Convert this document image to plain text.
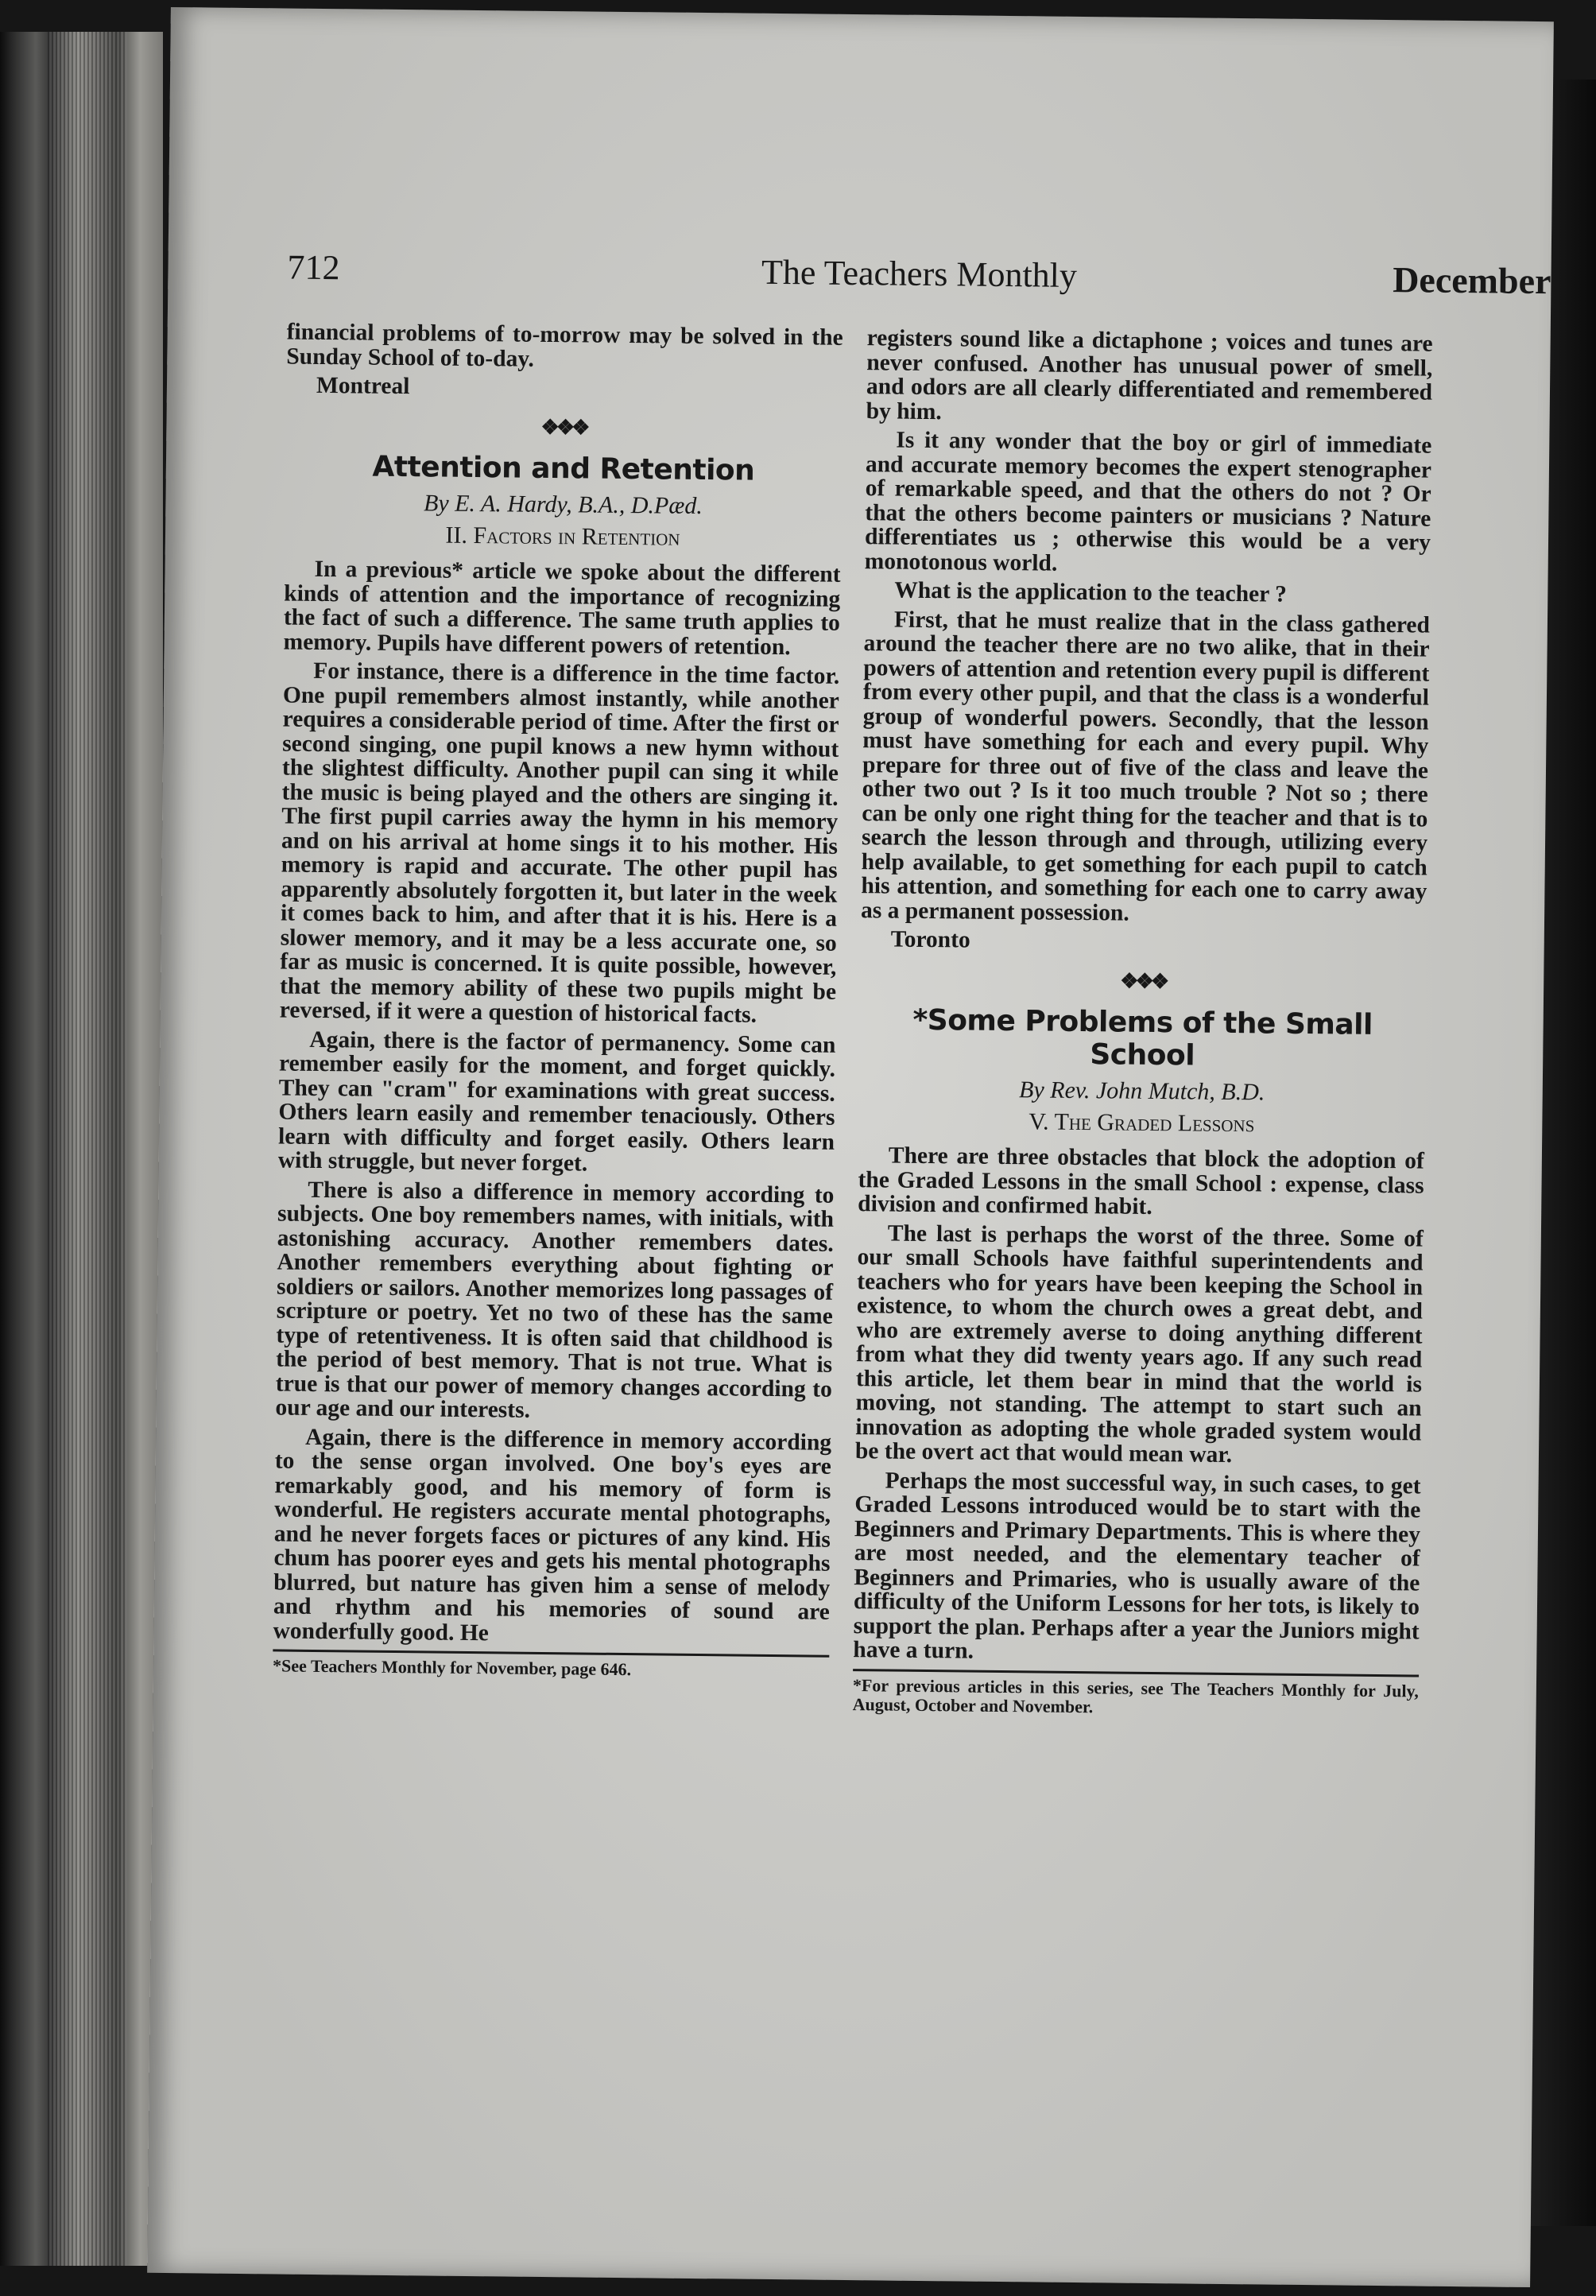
712	The Teachers Monthly	December

financial problems of to-morrow may be solved in the Sunday School of to-day.

Montreal
❖❖❖
Attention and Retention
By E. A. Hardy, B.A., D.Pæd.
II. Factors in Retention

In a previous* article we spoke about the different kinds of attention and the importance of recognizing the fact of such a difference. The same truth applies to memory. Pupils have different powers of retention.

For instance, there is a difference in the time factor. One pupil remembers almost instantly, while another requires a considerable period of time. After the first or second singing, one pupil knows a new hymn without the slightest difficulty. Another pupil can sing it while the music is being played and the others are singing it. The first pupil carries away the hymn in his memory and on his arrival at home sings it to his mother. His memory is rapid and accurate. The other pupil has apparently absolutely forgotten it, but later in the week it comes back to him, and after that it is his. Here is a slower memory, and it may be a less accurate one, so far as music is concerned. It is quite possible, however, that the memory ability of these two pupils might be reversed, if it were a question of historical facts.

Again, there is the factor of permanency. Some can remember easily for the moment, and forget quickly. They can "cram" for examinations with great success. Others learn easily and remember tenaciously. Others learn with difficulty and forget easily. Others learn with struggle, but never forget.

There is also a difference in memory according to subjects. One boy remembers names, with initials, with astonishing accuracy. Another remembers dates. Another remembers everything about fighting or soldiers or sailors. Another memorizes long passages of scripture or poetry. Yet no two of these has the same type of retentiveness. It is often said that childhood is the period of best memory. That is not true. What is true is that our power of memory changes according to our age and our interests.

Again, there is the difference in memory according to the sense organ involved. One boy's eyes are remarkably good, and his memory of form is wonderful. He registers accurate mental photographs, and he never forgets faces or pictures of any kind. His chum has poorer eyes and gets his mental photographs blurred, but nature has given him a sense of melody and rhythm and his memories of sound are wonderfully good. He

*See Teachers Monthly for November, page 646.

registers sound like a dictaphone ; voices and tunes are never confused. Another has unusual power of smell, and odors are all clearly differentiated and remembered by him.

Is it any wonder that the boy or girl of immediate and accurate memory becomes the expert stenographer of remarkable speed, and that the others do not ? Or that the others become painters or musicians ? Nature differentiates us ; otherwise this would be a very monotonous world.

What is the application to the teacher ?

First, that he must realize that in the class gathered around the teacher there are no two alike, that in their powers of attention and retention every pupil is different from every other pupil, and that the class is a wonderful group of wonderful powers. Secondly, that the lesson must have something for each and every pupil. Why prepare for three out of five of the class and leave the other two out ? Is it too much trouble ? Not so ; there can be only one right thing for the teacher and that is to search the lesson through and through, utilizing every help available, to get something for each pupil to catch his attention, and something for each one to carry away as a permanent possession.

Toronto
❖❖❖
*Some Problems of the Small School
By Rev. John Mutch, B.D.
V. The Graded Lessons

There are three obstacles that block the adoption of the Graded Lessons in the small School : expense, class division and confirmed habit.

The last is perhaps the worst of the three. Some of our small Schools have faithful superintendents and teachers who for years have been keeping the School in existence, to whom the church owes a great debt, and who are extremely averse to doing anything different from what they did twenty years ago. If any such read this article, let them bear in mind that the world is moving, not standing. The attempt to start such an innovation as adopting the whole graded system would be the overt act that would mean war.

Perhaps the most successful way, in such cases, to get Graded Lessons introduced would be to start with the Beginners and Primary Departments. This is where they are most needed, and the elementary teacher of Beginners and Primaries, who is usually aware of the difficulty of the Uniform Lessons for her tots, is likely to support the plan. Perhaps after a year the Juniors might have a turn.

*For previous articles in this series, see The Teachers Monthly for July, August, October and November.
